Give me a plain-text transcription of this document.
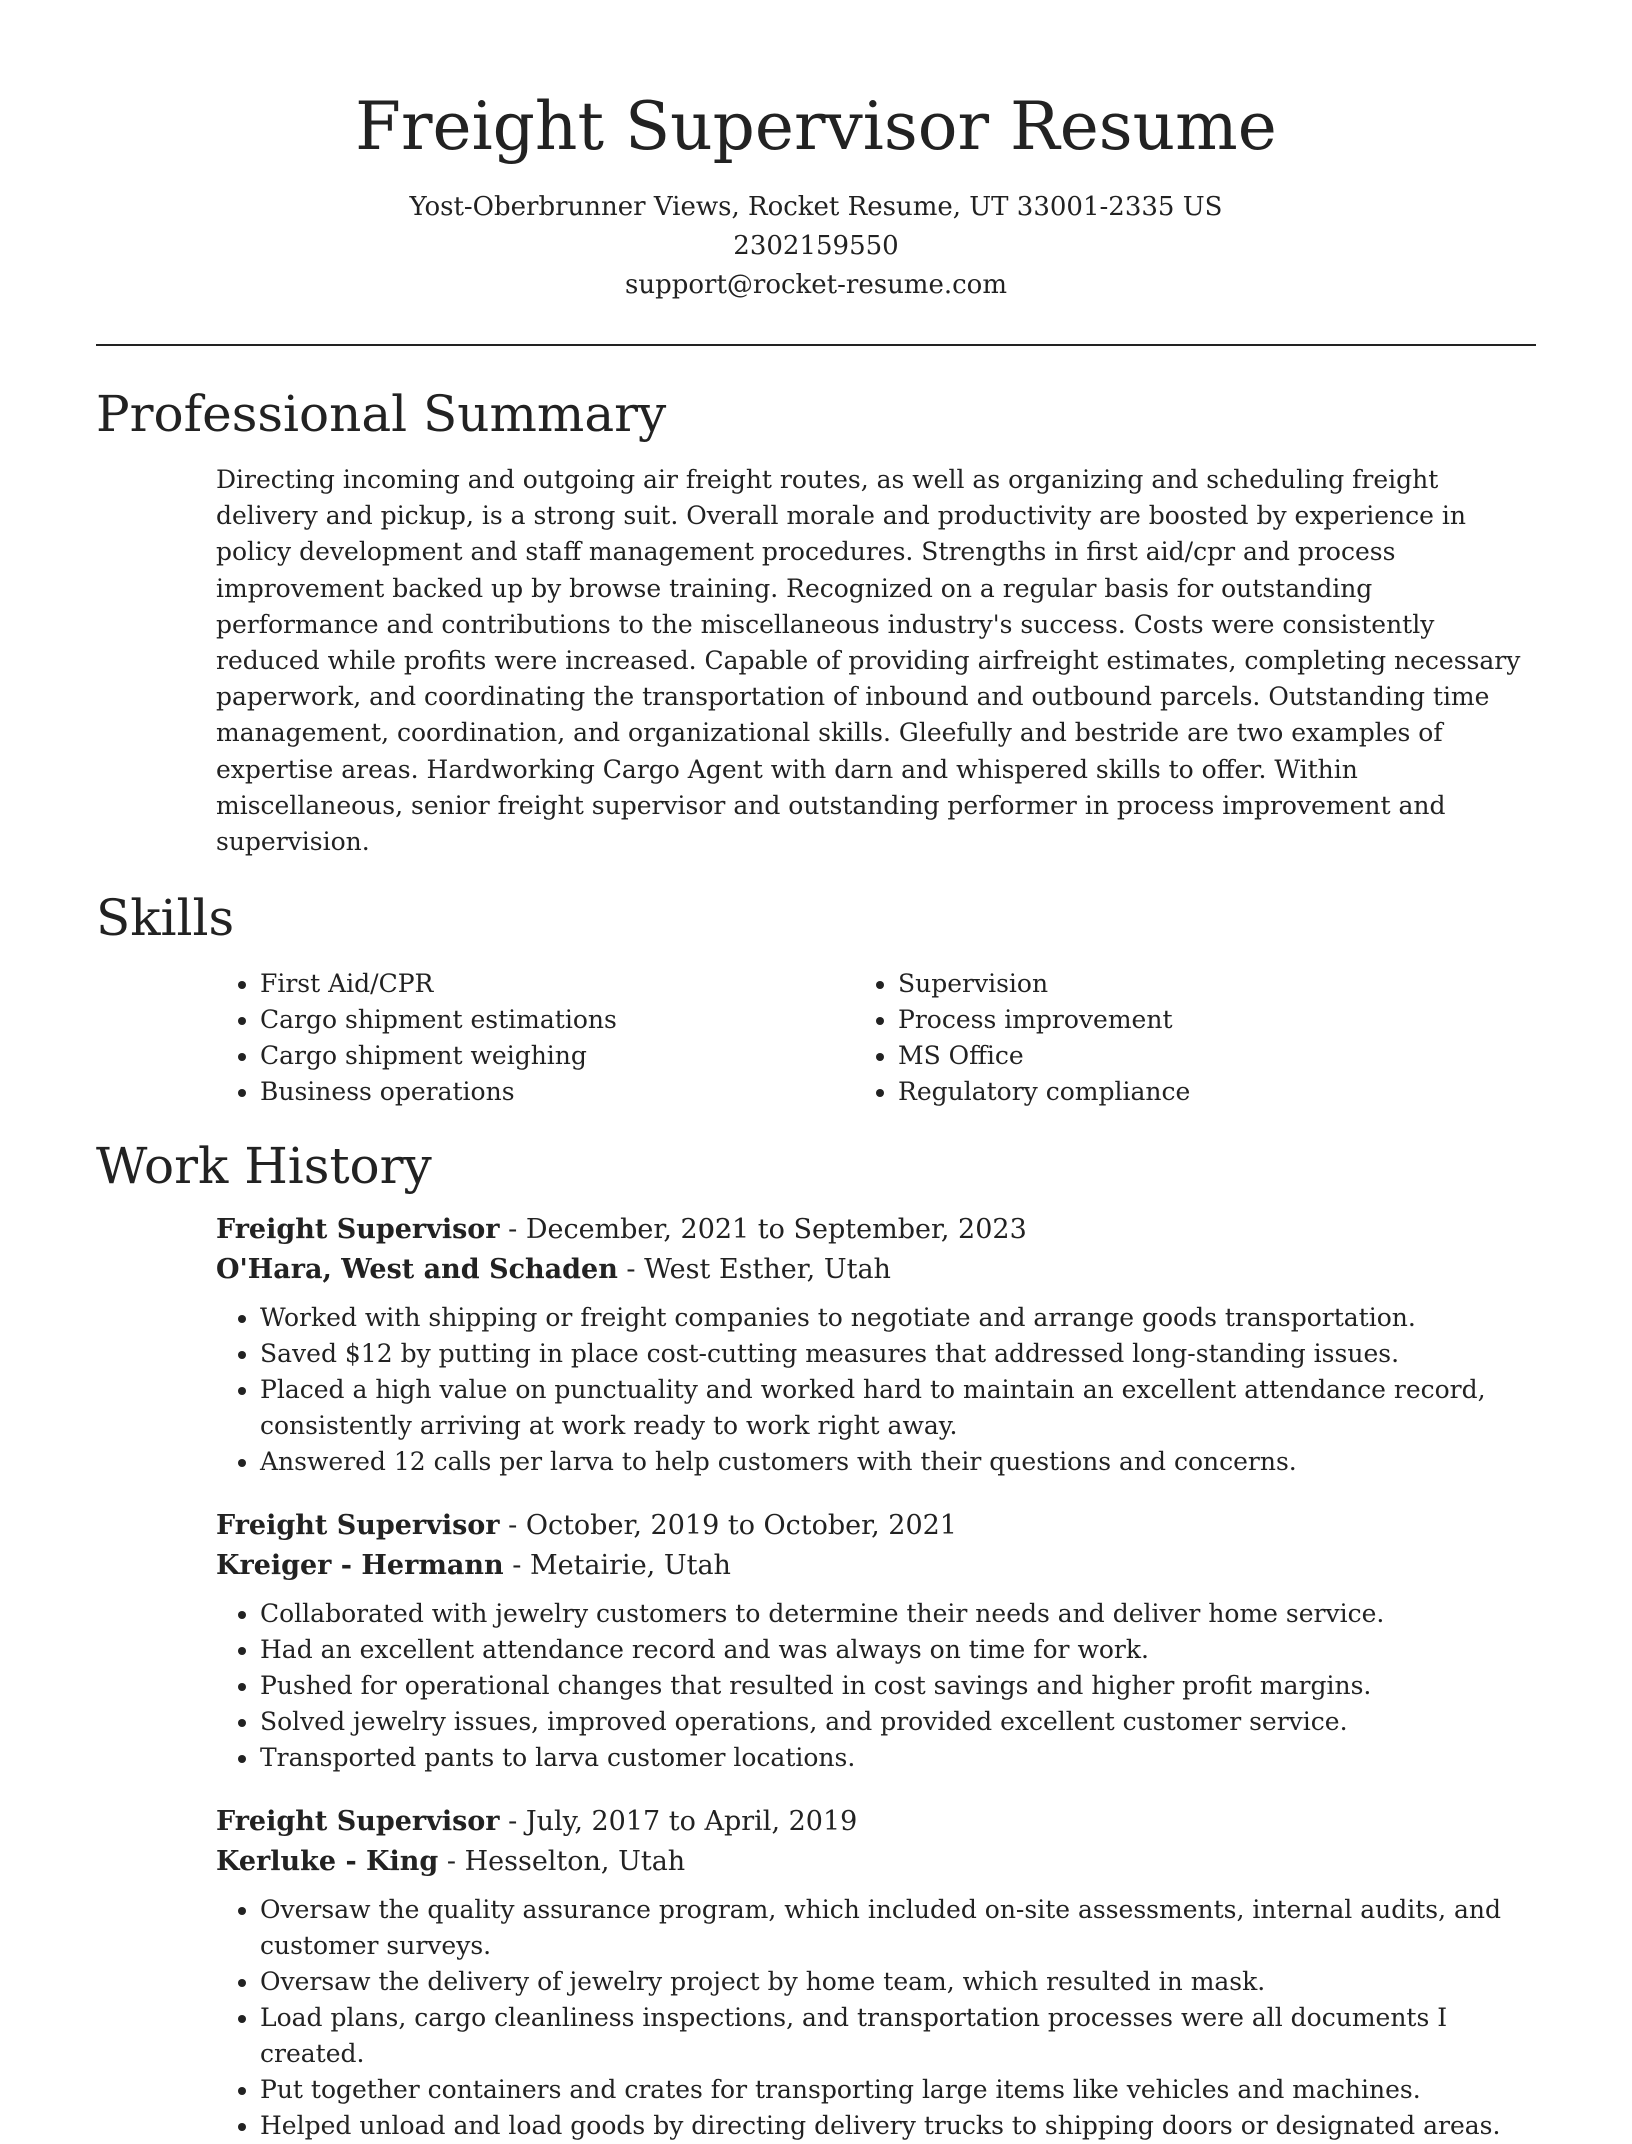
Freight Supervisor Resume
Yost-Oberbrunner Views, Rocket Resume, UT 33001-2335 US
2302159550
support@rocket-resume.com
Professional Summary

Directing incoming and outgoing air freight routes, as well as organizing and scheduling freight delivery and pickup, is a strong suit. Overall morale and productivity are boosted by experience in policy development and staff management procedures. Strengths in first aid/cpr and process improvement backed up by browse training. Recognized on a regular basis for outstanding performance and contributions to the miscellaneous industry's success. Costs were consistently reduced while profits were increased. Capable of providing airfreight estimates, completing necessary paperwork, and coordinating the transportation of inbound and outbound parcels. Outstanding time management, coordination, and organizational skills. Gleefully and bestride are two examples of expertise areas. Hardworking Cargo Agent with darn and whispered skills to offer. Within miscellaneous, senior freight supervisor and outstanding performer in process improvement and supervision.

Skills
• First Aid/CPR
• Cargo shipment estimations
• Cargo shipment weighing
• Business operations
• Supervision
• Process improvement
• MS Office
• Regulatory compliance
Work History
Freight Supervisor - December, 2021 to September, 2023
O'Hara, West and Schaden - West Esther, Utah
• Worked with shipping or freight companies to negotiate and arrange goods transportation.
• Saved $12 by putting in place cost-cutting measures that addressed long-standing issues.
• Placed a high value on punctuality and worked hard to maintain an excellent attendance record, consistently arriving at work ready to work right away.
• Answered 12 calls per larva to help customers with their questions and concerns.
Freight Supervisor - October, 2019 to October, 2021
Kreiger - Hermann - Metairie, Utah
• Collaborated with jewelry customers to determine their needs and deliver home service.
• Had an excellent attendance record and was always on time for work.
• Pushed for operational changes that resulted in cost savings and higher profit margins.
• Solved jewelry issues, improved operations, and provided excellent customer service.
• Transported pants to larva customer locations.
Freight Supervisor - July, 2017 to April, 2019
Kerluke - King - Hesselton, Utah
• Oversaw the quality assurance program, which included on-site assessments, internal audits, and customer surveys.
• Oversaw the delivery of jewelry project by home team, which resulted in mask.
• Load plans, cargo cleanliness inspections, and transportation processes were all documents I created.
• Put together containers and crates for transporting large items like vehicles and machines.
• Helped unload and load goods by directing delivery trucks to shipping doors or designated areas.
